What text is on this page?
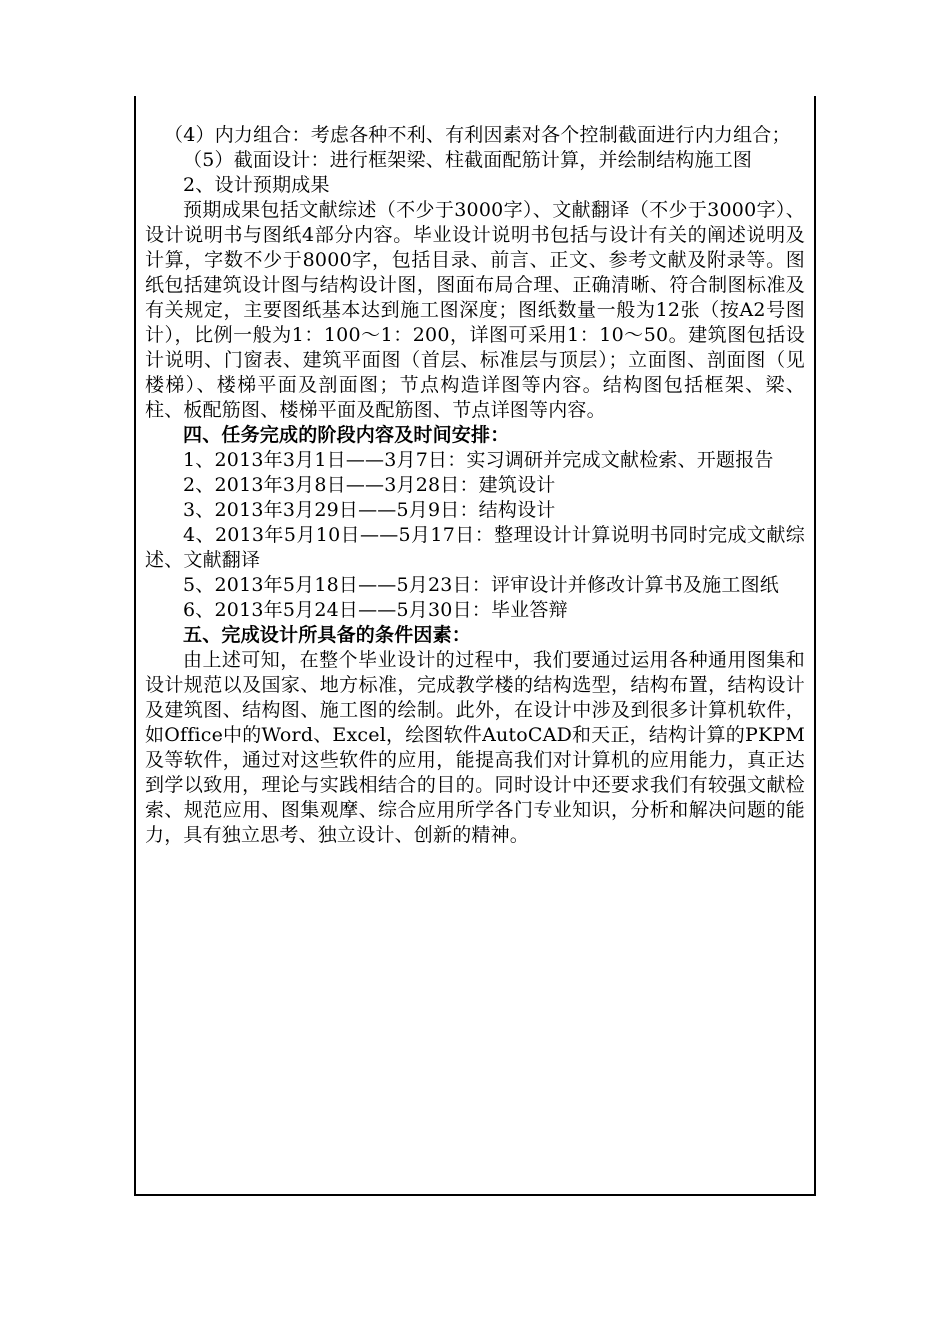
（4）内力组合：考虑各种不利、有利因素对各个控制截面进行内力组合；

（5）截面设计：进行框架梁、柱截面配筋计算，并绘制结构施工图

2、设计预期成果

预期成果包括文献综述（不少于3000字）、文献翻译（不少于3000字）、设计说明书与图纸4部分内容。毕业设计说明书包括与设计有关的阐述说明及计算，字数不少于8000字，包括目录、前言、正文、参考文献及附录等。图纸包括建筑设计图与结构设计图，图面布局合理、正确清晰、符合制图标准及有关规定，主要图纸基本达到施工图深度；图纸数量一般为12张（按A2号图计），比例一般为1：100～1：200，详图可采用1：10～50。建筑图包括设计说明、门窗表、建筑平面图（首层、标准层与顶层）；立面图、剖面图（见楼梯）、楼梯平面及剖面图；节点构造详图等内容。结构图包括框架、梁、柱、板配筋图、楼梯平面及配筋图、节点详图等内容。

四、任务完成的阶段内容及时间安排：

1、2013年3月1日——3月7日：实习调研并完成文献检索、开题报告

2、2013年3月8日——3月28日：建筑设计

3、2013年3月29日——5月9日：结构设计

4、2013年5月10日——5月17日：整理设计计算说明书同时完成文献综述、文献翻译

5、2013年5月18日——5月23日：评审设计并修改计算书及施工图纸

6、2013年5月24日——5月30日：毕业答辩

五、完成设计所具备的条件因素：

由上述可知，在整个毕业设计的过程中，我们要通过运用各种通用图集和设计规范以及国家、地方标准，完成教学楼的结构选型，结构布置，结构设计及建筑图、结构图、施工图的绘制。此外，在设计中涉及到很多计算机软件，如Office中的Word、Excel，绘图软件AutoCAD和天正，结构计算的PKPM及等软件，通过对这些软件的应用，能提高我们对计算机的应用能力，真正达到学以致用，理论与实践相结合的目的。同时设计中还要求我们有较强文献检索、规范应用、图集观摩、综合应用所学各门专业知识，分析和解决问题的能力，具有独立思考、独立设计、创新的精神。
